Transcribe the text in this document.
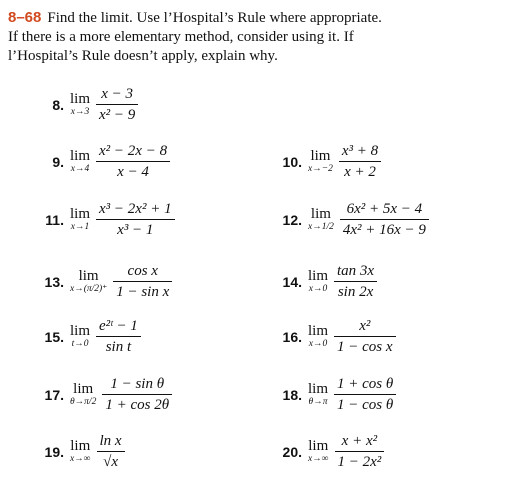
8–68 Find the limit. Use l’Hospital’s Rule where appropriate.
If there is a more elementary method, consider using it. If
l’Hospital’s Rule doesn’t apply, explain why.
8. lim
$x\to 3 \frac{x - 3}{\text{x² − 9}}$
9. lim
$x\to 4 \frac{\text{x² − 2x − 8}}{x - 4}$	10. lim
$x\to-2 \frac{\text{x³ + 8}}{x + 2}$
11. lim
$x\to 1 \frac{\text{x³ − 2x² + 1}}{\text{x³ − 1}}$	12. lim
$x\to 1/2 \frac{\text{6x² + 5x − 4}}{\text{4x² + 16x − 9}}$
13. lim
$x\to(\pi/2)^+ \frac{\text{cos x}}{\text{1 − sin x}}$	14. lim
$x\to 0 \frac{\tan 3x}{\sin 2x}$
15. lim
$t\to 0 \frac{\text{e²ᵗ − 1}}{\text{sin t}}$	16. lim
$x\to 0 \frac{\text{x²}}{\text{1 − cos x}}$
17. lim
$\theta\to\pi/2 \frac{\text{1 − sin θ}}{1 + \cos 2\theta}$	18. lim
$\theta\to\pi \frac{\text{1 + cos θ}}{\text{1 − cos θ}}$
19. lim
$x\to\infty \frac{\text{ln x}}{√x}$	20. lim
$x\to\infty \frac{\text{x + x²}}{\text{1 − 2x²}}$
